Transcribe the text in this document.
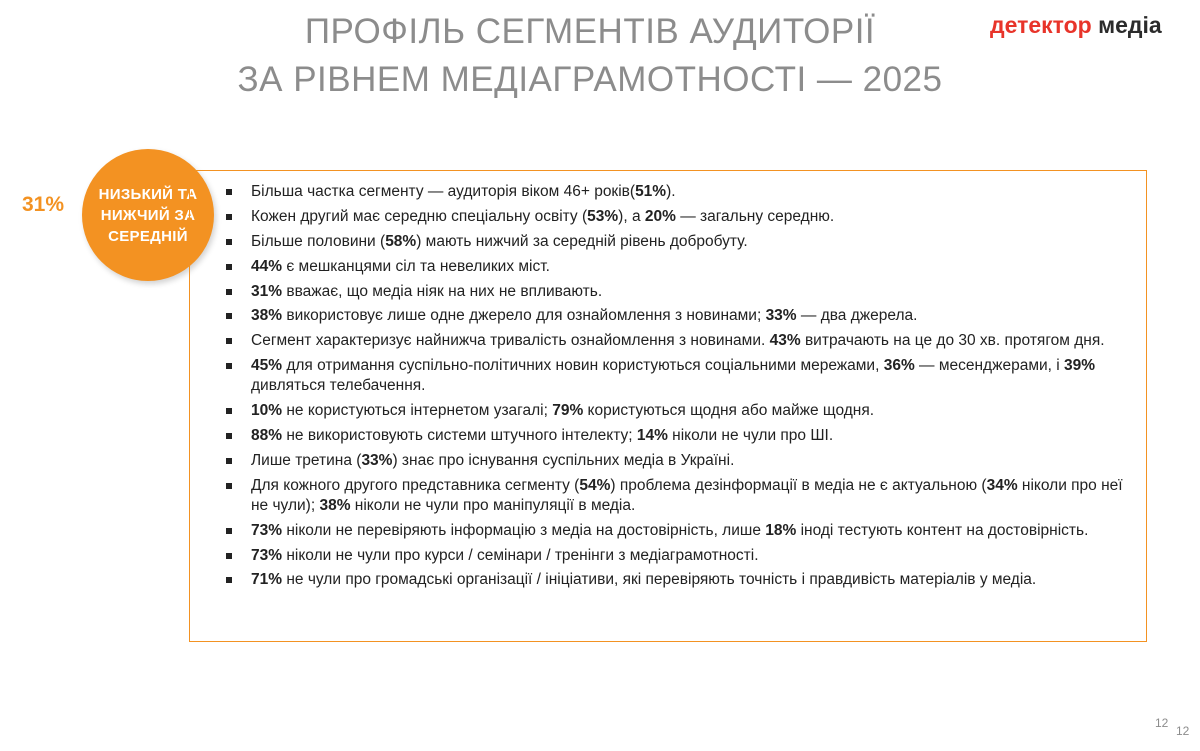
ПРОФІЛЬ СЕГМЕНТІВ АУДИТОРІЇ
ЗА РІВНЕМ МЕДІАГРАМОТНОСТІ — 2025
детектор медіа
31% НИЗЬКИЙ ТА
НИЖЧИЙ ЗА
СЕРЕДНІЙ
Більша частка сегменту — аудиторія віком 46+ років(51%).
Кожен другий має середню спеціальну освіту (53%), а 20% — загальну середню.
Більше половини (58%) мають нижчий за середній рівень добробуту.
44% є мешканцями сіл та невеликих міст.
31% вважає, що медіа ніяк на них не впливають.
38% використовує лише одне джерело для ознайомлення з новинами; 33% — два джерела.
Сегмент характеризує найнижча тривалість ознайомлення з новинами. 43% витрачають на це до 30 хв. протягом дня.
45% для отримання суспільно-політичних новин користуються соціальними мережами, 36% — месенджерами, і 39% дивляться телебачення.
10% не користуються інтернетом узагалі; 79% користуються щодня або майже щодня.
88% не використовують системи штучного інтелекту; 14% ніколи не чули про ШІ.
Лише третина (33%) знає про існування суспільних медіа в Україні.
Для кожного другого представника сегменту (54%) проблема дезінформації в медіа не є актуальною (34% ніколи про неї не чули); 38% ніколи не чули про маніпуляції в медіа.
73% ніколи не перевіряють інформацію з медіа на достовірність, лише 18% іноді тестують контент на достовірність.
73% ніколи не чули про курси / семінари / тренінги з медіаграмотності.
71% не чули про громадські організації / ініціативи, які перевіряють точність і правдивість матеріалів у медіа.
12
12
